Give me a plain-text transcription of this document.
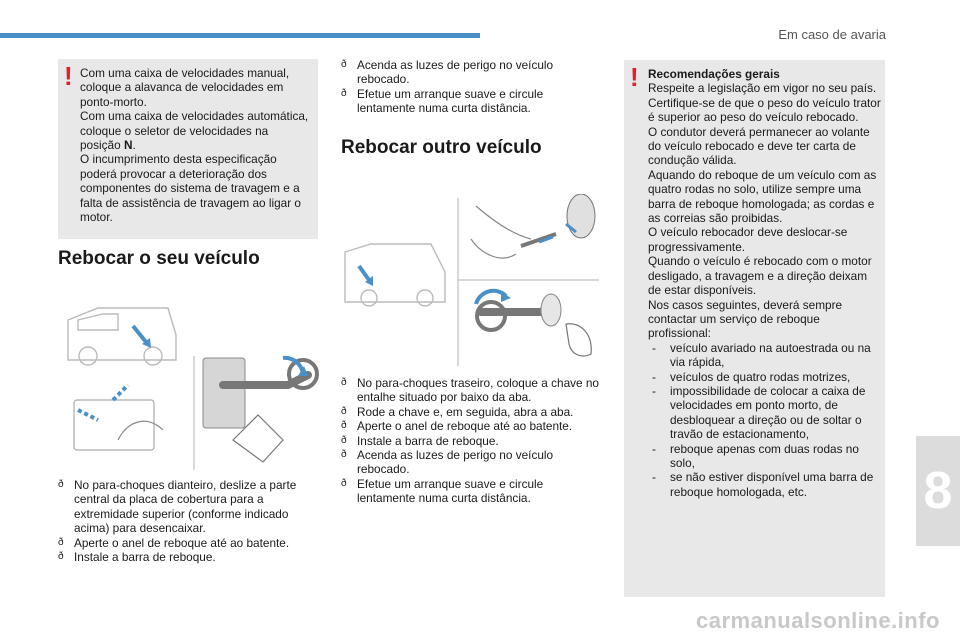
Em caso de avaria
8
! Com uma caixa de velocidades manual, coloque a alavanca de velocidades em ponto-morto.
Com uma caixa de velocidades automática, coloque o seletor de velocidades na posição N.
O incumprimento desta especificação poderá provocar a deterioração dos componentes do sistema de travagem e a falta de assistência de travagem ao ligar o motor.
Rebocar o seu veículo
ð No para-choques dianteiro, deslize a parte central da placa de cobertura para a extremidade superior (conforme indicado acima) para desencaixar.
ð Aperte o anel de reboque até ao batente.
ð Instale a barra de reboque.
ð Acenda as luzes de perigo no veículo rebocado.
ð Efetue um arranque suave e circule lentamente numa curta distância.
Rebocar outro veículo
ð No para-choques traseiro, coloque a chave no entalhe situado por baixo da aba.
ð Rode a chave e, em seguida, abra a aba.
ð Aperte o anel de reboque até ao batente.
ð Instale a barra de reboque.
ð Acenda as luzes de perigo no veículo rebocado.
ð Efetue um arranque suave e circule lentamente numa curta distância.
! Recomendações gerais
Respeite a legislação em vigor no seu país.
Certifique-se de que o peso do veículo trator é superior ao peso do veículo rebocado.
O condutor deverá permanecer ao volante do veículo rebocado e deve ter carta de condução válida.
Aquando do reboque de um veículo com as quatro rodas no solo, utilize sempre uma barra de reboque homologada; as cordas e as correias são proibidas.
O veículo rebocador deve deslocar-se progressivamente.
Quando o veículo é rebocado com o motor desligado, a travagem e a direção deixam de estar disponíveis.
Nos casos seguintes, deverá sempre contactar um serviço de reboque profissional:
- veículo avariado na autoestrada ou na via rápida,
- veículos de quatro rodas motrizes,
- impossibilidade de colocar a caixa de velocidades em ponto morto, de desbloquear a direção ou de soltar o travão de estacionamento,
- reboque apenas com duas rodas no solo,
- se não estiver disponível uma barra de reboque homologada, etc.
carmanualsonline.info
